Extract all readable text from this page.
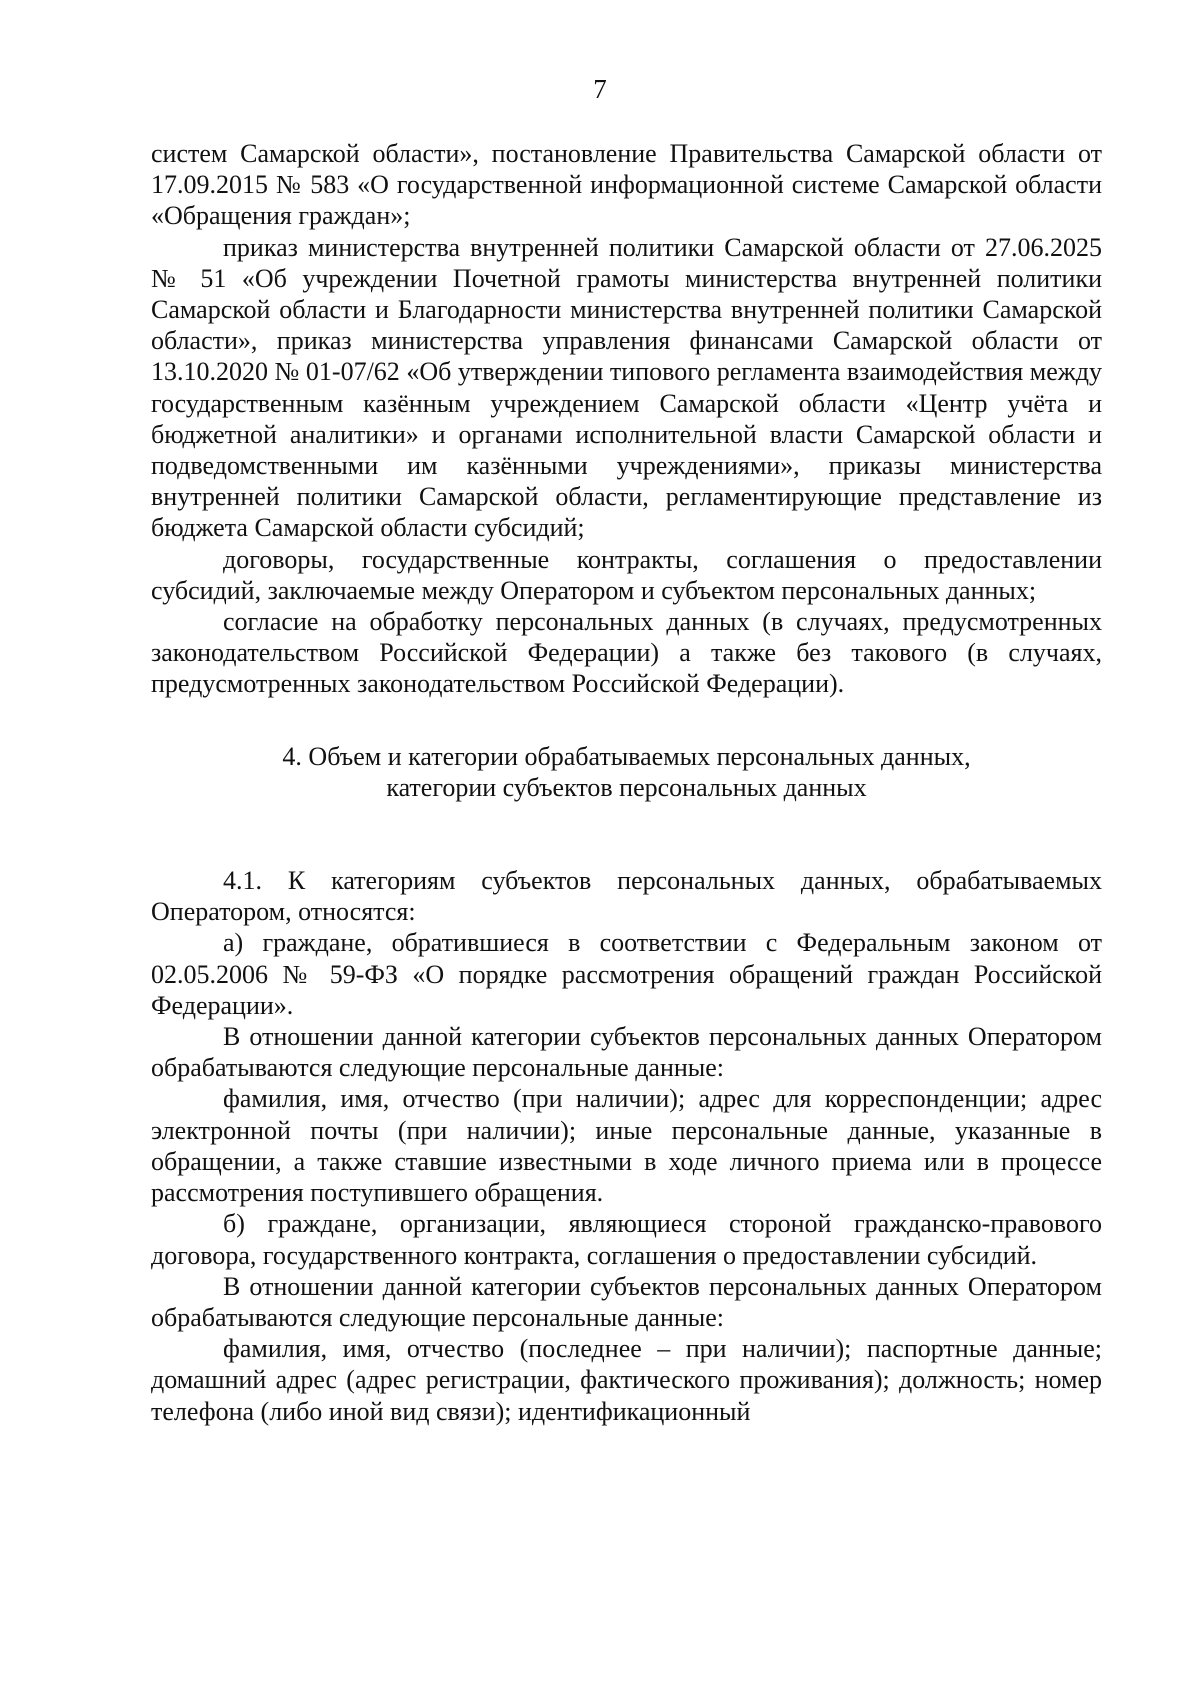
7

систем Самарской области», постановление Правительства Самарской области от 17.09.2015 № 583 «О государственной информационной системе Самарской области «Обращения граждан»;

приказ министерства внутренней политики Самарской области от 27.06.2025 № 51 «Об учреждении Почетной грамоты министерства внутренней политики Самарской области и Благодарности министерства внутренней политики Самарской области», приказ министерства управления финансами Самарской области от 13.10.2020 № 01-07/62 «Об утверждении типового регламента взаимодействия между государственным казённым учреждением Самарской области «Центр учёта и бюджетной аналитики» и органами исполнительной власти Самарской области и подведомственными им казёнными учреждениями», приказы министерства внутренней политики Самарской области, регламентирующие представление из бюджета Самарской области субсидий;

договоры, государственные контракты, соглашения о предоставлении субсидий, заключаемые между Оператором и субъектом персональных данных;

согласие на обработку персональных данных (в случаях, предусмотренных законодательством Российской Федерации) а также без такового (в случаях, предусмотренных законодательством Российской Федерации).

4. Объем и категории обрабатываемых персональных данных,
категории субъектов персональных данных

4.1. К категориям субъектов персональных данных, обрабатываемых Оператором, относятся:

а) граждане, обратившиеся в соответствии с Федеральным законом от 02.05.2006 № 59-ФЗ «О порядке рассмотрения обращений граждан Российской Федерации».

В отношении данной категории субъектов персональных данных Оператором обрабатываются следующие персональные данные:

фамилия, имя, отчество (при наличии); адрес для корреспонденции; адрес электронной почты (при наличии); иные персональные данные, указанные в обращении, а также ставшие известными в ходе личного приема или в процессе рассмотрения поступившего обращения.

б) граждане, организации, являющиеся стороной гражданско-правового договора, государственного контракта, соглашения о предоставлении субсидий.

В отношении данной категории субъектов персональных данных Оператором обрабатываются следующие персональные данные:

фамилия, имя, отчество (последнее – при наличии); паспортные данные; домашний адрес (адрес регистрации, фактического проживания); должность; номер телефона (либо иной вид связи); идентификационный
